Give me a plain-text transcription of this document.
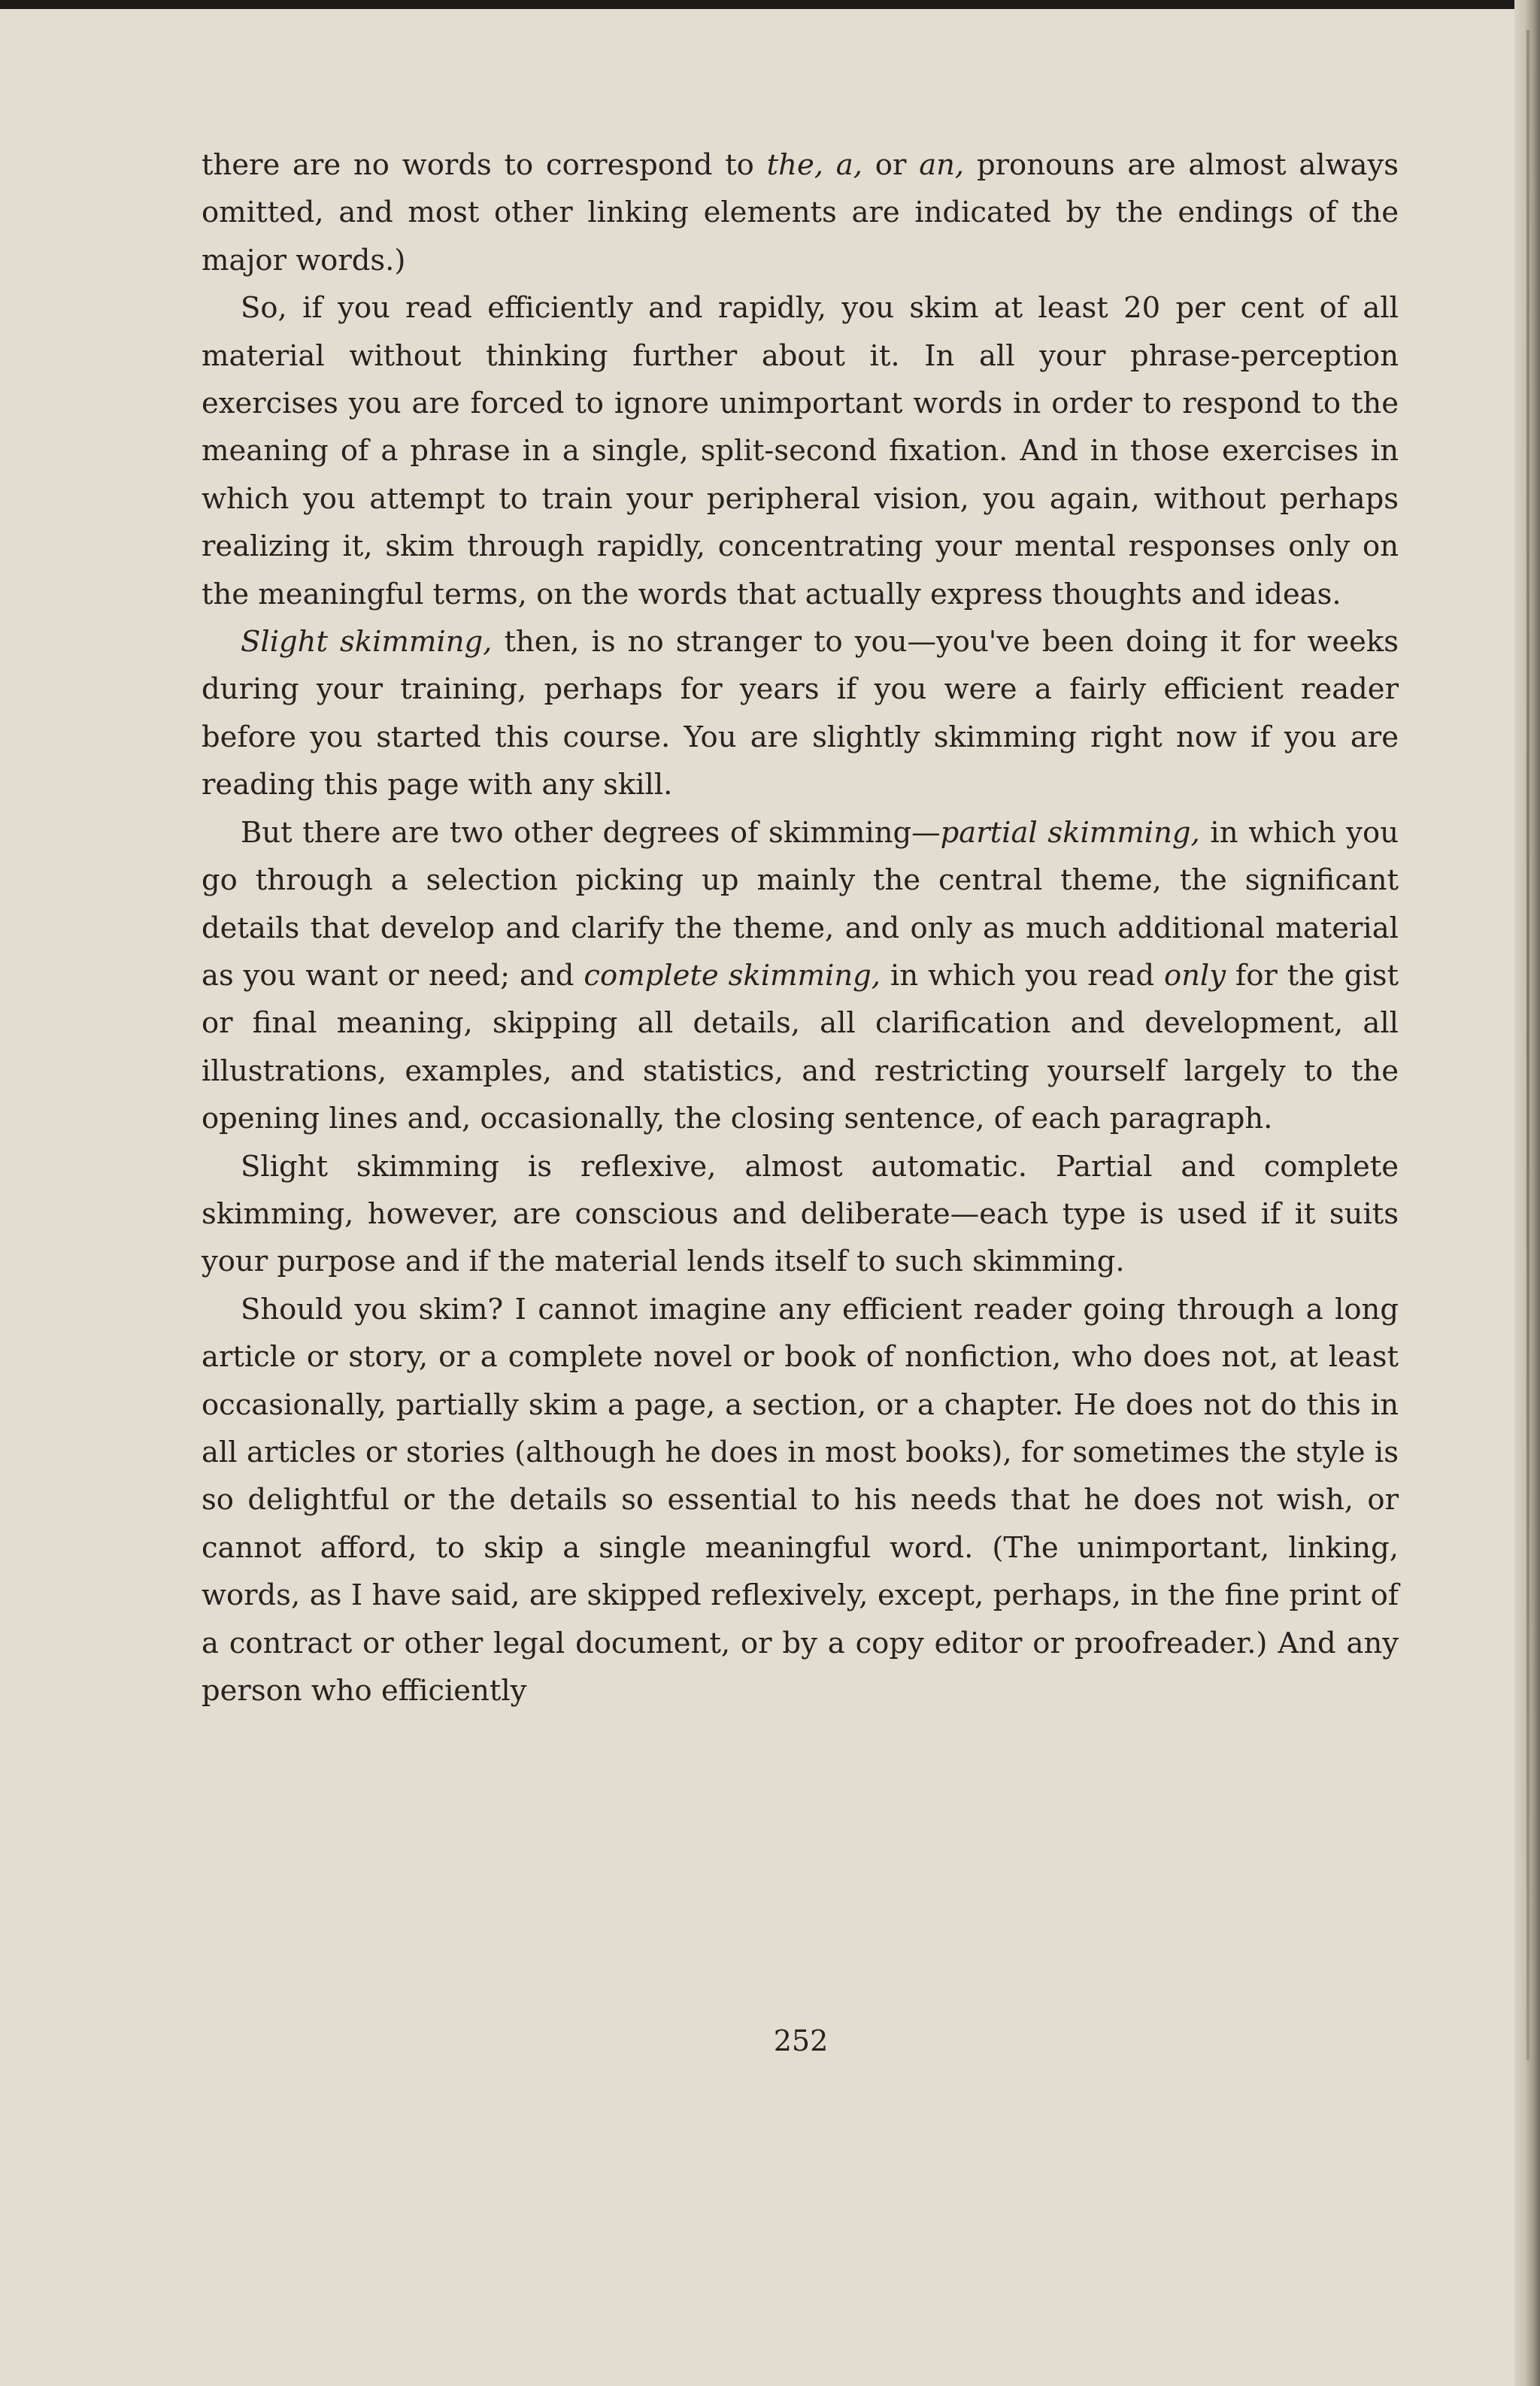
there are no words to correspond to the, a, or an, pronouns are almost always omitted, and most other linking elements are indicated by the endings of the major words.)

So, if you read efficiently and rapidly, you skim at least 20 per cent of all material without thinking further about it. In all your phrase-perception exercises you are forced to ignore unimportant words in order to respond to the meaning of a phrase in a single, split-second fixation. And in those exercises in which you attempt to train your peripheral vision, you again, without perhaps realizing it, skim through rapidly, concentrating your mental responses only on the meaningful terms, on the words that actually express thoughts and ideas.

Slight skimming, then, is no stranger to you—you've been doing it for weeks during your training, perhaps for years if you were a fairly efficient reader before you started this course. You are slightly skimming right now if you are reading this page with any skill.

But there are two other degrees of skimming—partial skimming, in which you go through a selection picking up mainly the central theme, the significant details that develop and clarify the theme, and only as much additional material as you want or need; and complete skimming, in which you read only for the gist or final meaning, skipping all details, all clarification and development, all illustrations, examples, and statistics, and restricting yourself largely to the opening lines and, occasionally, the closing sentence, of each paragraph.

Slight skimming is reflexive, almost automatic. Partial and complete skimming, however, are conscious and deliberate—each type is used if it suits your purpose and if the material lends itself to such skimming.

Should you skim? I cannot imagine any efficient reader going through a long article or story, or a complete novel or book of nonfiction, who does not, at least occasionally, partially skim a page, a section, or a chapter. He does not do this in all articles or stories (although he does in most books), for sometimes the style is so delightful or the details so essential to his needs that he does not wish, or cannot afford, to skip a single meaningful word. (The unimportant, linking, words, as I have said, are skipped reflexively, except, perhaps, in the fine print of a contract or other legal document, or by a copy editor or proofreader.) And any person who efficiently

252
